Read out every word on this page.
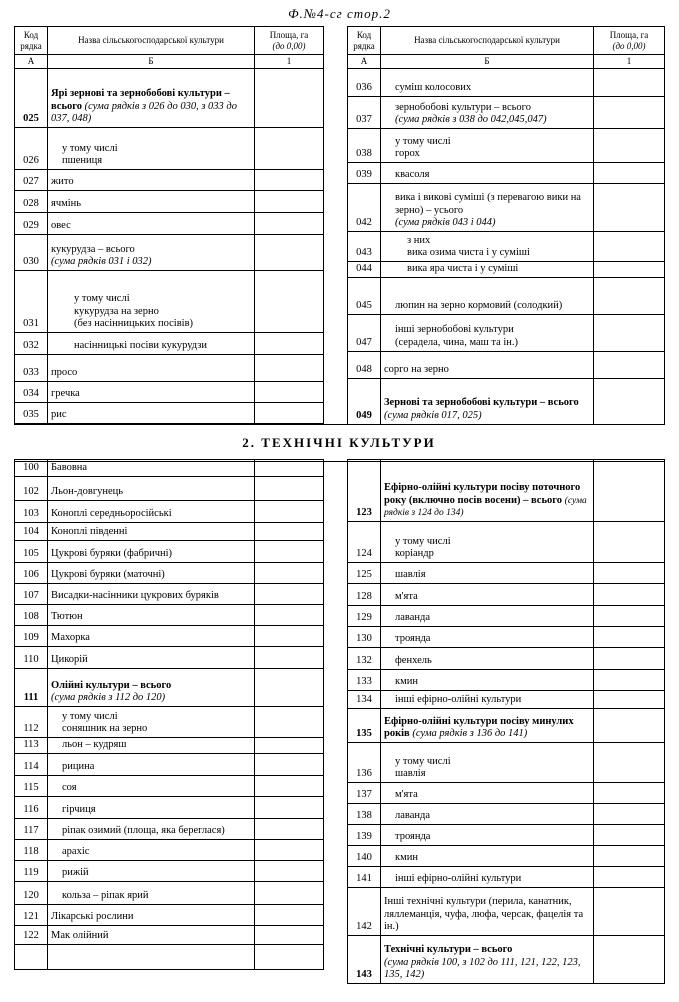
Ф.№4-сг стор.2
Код рядка	Назва сільськогосподарської культури	Площа, га
(до 0,00)
А	Б	1
025	Ярі зернові та зернобобові культури – всього (сума рядків з 026 до 030, з 033 до 037, 048)	
026	у тому числі
пшениця	
027	жито	
028	ячмінь	
029	овес	
030	кукурудза – всього
(сума рядків 031 і 032)	
031	у тому числі
кукурудза на зерно
(без насінницьких посівів)	
032	насінницькі посіви кукурудзи	
033	просо	
034	гречка	
035	рис	
Код рядка	Назва сільськогосподарської культури	Площа, га
(до 0,00)
А	Б	1
036	суміш колосових	
037	зернобобові культури – всього
(сума рядків з 038 до 042,045,047)	
038	у тому числі
горох	
039	квасоля	
042	вика і викові суміші (з перевагою вики на зерно) – усього
(сума рядків 043 і 044)	
043	з них
вика озима чиста і у суміші	
044	вика яра чиста і у суміші	
045	люпин на зерно кормовий (солодкий)	
047	інші зернобобові культури
(серадела, чина, маш та ін.)	
048	сорго на зерно	
049	Зернові та зернобобові культури – всього (сума рядків 017, 025)	
2. ТЕХНІЧНІ КУЛЬТУРИ
100	Бавовна	
102	Льон-довгунець	
103	Коноплі середньоросійські	
104	Коноплі південні	
105	Цукрові буряки (фабричні)	
106	Цукрові буряки (маточні)	
107	Висадки-насінники цукрових буряків	
108	Тютюн	
109	Махорка	
110	Цикорій	
111	Олійні культури – всього
(сума рядків з 112 до 120)	
112	у тому числі
соняшник на зерно	
113	льон – кудряш	
114	рицина	
115	соя	
116	гірчиця	
117	ріпак озимий (площа, яка береглася)	
118	арахіс	
119	рижій	
120	кольза – ріпак ярий	
121	Лікарські рослини	
122	Мак олійний	

123	Ефірно-олійні культури посіву поточного року (включно посів восени) – всього (сума рядків з 124 до 134)	
124	у тому числі
коріандр	
125	шавлія	
128	м'ята	
129	лаванда	
130	троянда	
132	фенхель	
133	кмин	
134	інші ефірно-олійні культури	
135	Ефірно-олійні культури посіву минулих років (сума рядків з 136 до 141)	
136	у тому числі
шавлія	
137	м'ята	
138	лаванда	
139	троянда	
140	кмин	
141	інші ефірно-олійні культури	
142	Інші технічні культури (перила, канатник, ляллеманція, чуфа, люфа, черсак, фацелія та ін.)	
143	Технічні культури – всього
(сума рядків 100, з 102 до 111, 121, 122, 123, 135, 142)	
